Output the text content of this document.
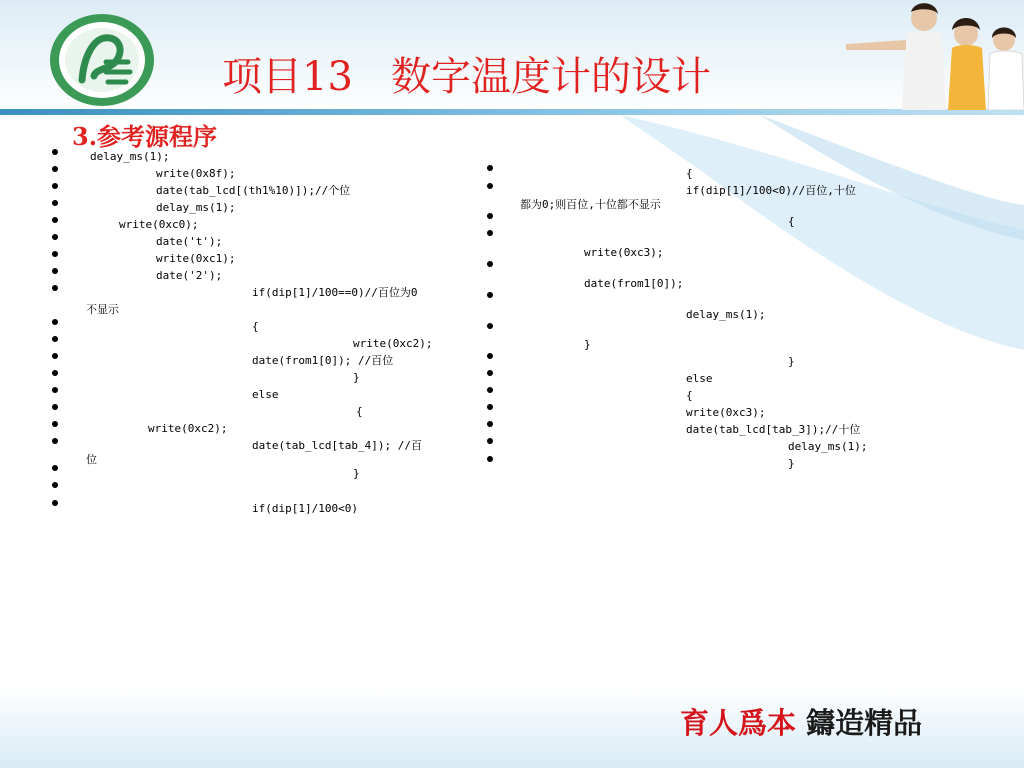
项目13   数字温度计的设计
3.参考源程序
delay_ms(1);
write(0x8f);
date(tab_lcd[(th1%10)]);//个位
delay_ms(1);
write(0xc0);
date('t');
write(0xc1);
date('2');
if(dip[1]/100==0)//百位为0
不显示
{
write(0xc2);
date(from1[0]); //百位
}
else
{
write(0xc2);
date(tab_lcd[tab_4]); //百
位
}
if(dip[1]/100<0)
{
if(dip[1]/100<0)//百位,十位
都为0;则百位,十位都不显示
{
write(0xc3);
date(from1[0]);
delay_ms(1);
}
}
else
{
write(0xc3);
date(tab_lcd[tab_3]);//十位
delay_ms(1);
}
育人爲本 鑄造精品
